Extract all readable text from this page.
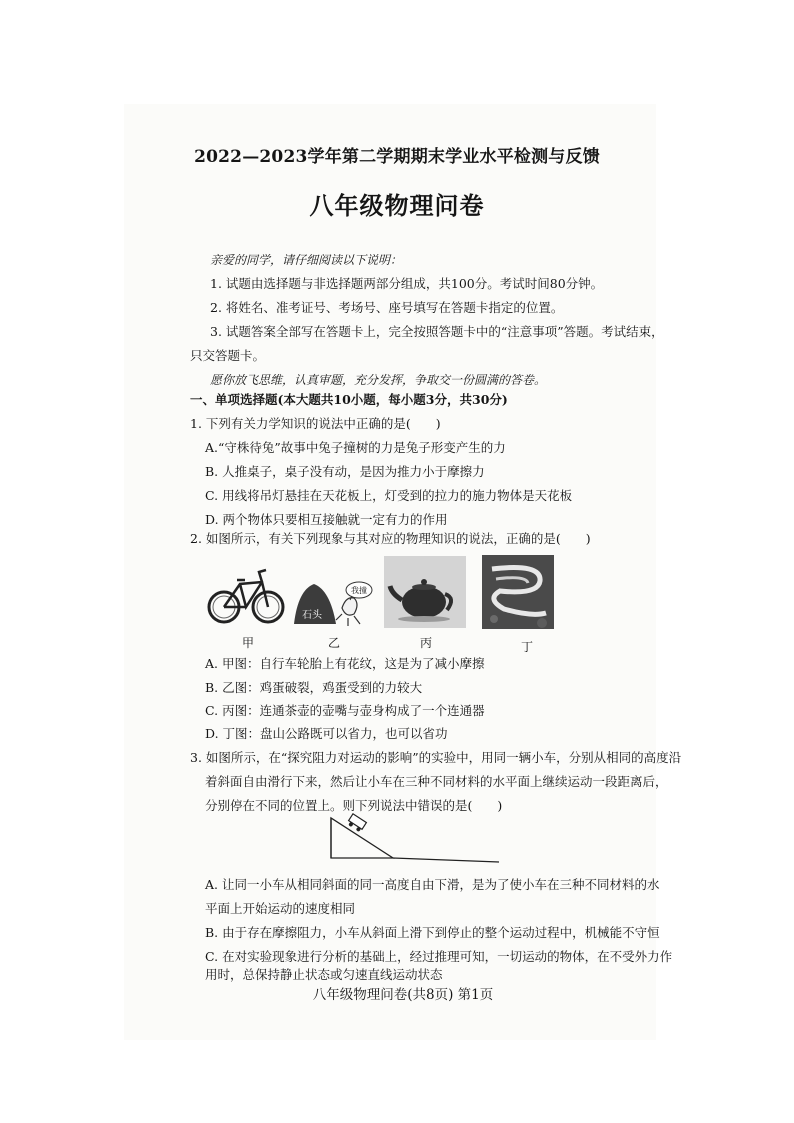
2022—2023学年第二学期期末学业水平检测与反馈
八年级物理问卷
亲爱的同学，请仔细阅读以下说明：
1. 试题由选择题与非选择题两部分组成，共100分。考试时间80分钟。
2. 将姓名、准考证号、考场号、座号填写在答题卡指定的位置。
3. 试题答案全部写在答题卡上，完全按照答题卡中的“注意事项”答题。考试结束，
只交答题卡。
愿你放飞思维，认真审题，充分发挥，争取交一份圆满的答卷。
一、单项选择题(本大题共10小题，每小题3分，共30分)
1. 下列有关力学知识的说法中正确的是(　　)
A.“守株待兔”故事中兔子撞树的力是兔子形变产生的力
B. 人推桌子，桌子没有动，是因为推力小于摩擦力
C. 用线将吊灯悬挂在天花板上，灯受到的拉力的施力物体是天花板
D. 两个物体只要相互接触就一定有力的作用
2. 如图所示，有关下列现象与其对应的物理知识的说法，正确的是(　　)
甲
石头
我撞
乙	丙	丁
A. 甲图：自行车轮胎上有花纹，这是为了减小摩擦
B. 乙图：鸡蛋破裂，鸡蛋受到的力较大
C. 丙图：连通茶壶的壶嘴与壶身构成了一个连通器
D. 丁图：盘山公路既可以省力，也可以省功
3. 如图所示，在“探究阻力对运动的影响”的实验中，用同一辆小车，分别从相同的高度沿
着斜面自由滑行下来，然后让小车在三种不同材料的水平面上继续运动一段距离后，
分别停在不同的位置上。则下列说法中错误的是(　　)
A. 让同一小车从相同斜面的同一高度自由下滑，是为了使小车在三种不同材料的水
平面上开始运动的速度相同
B. 由于存在摩擦阻力，小车从斜面上滑下到停止的整个运动过程中，机械能不守恒
C. 在对实验现象进行分析的基础上，经过推理可知，一切运动的物体，在不受外力作
用时，总保持静止状态或匀速直线运动状态
八年级物理问卷(共8页) 第1页
